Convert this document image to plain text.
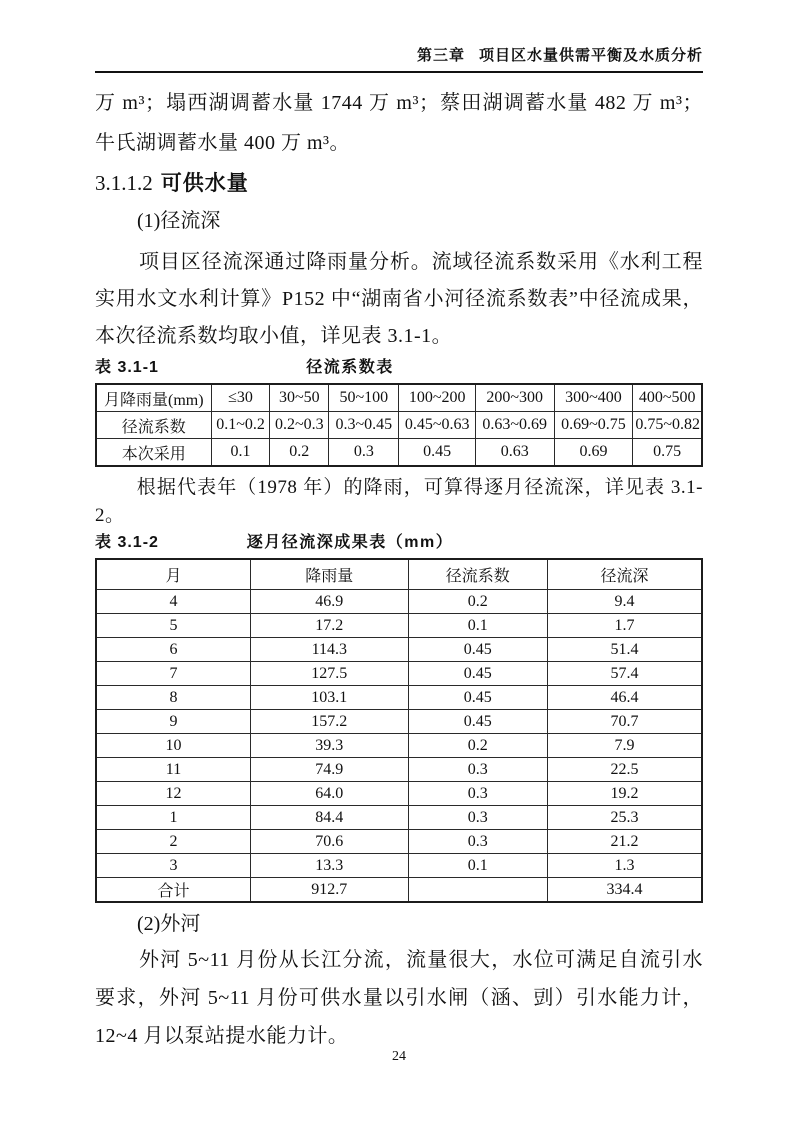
第三章 项目区水量供需平衡及水质分析

万 m³；塌西湖调蓄水量 1744 万 m³；蔡田湖调蓄水量 482 万 m³；牛氏湖调蓄水量 400 万 m³。

3.1.1.2 可供水量

(1)径流深

项目区径流深通过降雨量分析。流域径流系数采用《水利工程实用水文水利计算》P152 中“湖南省小河径流系数表”中径流成果，本次径流系数均取小值，详见表 3.1-1。

表 3.1-1	径流系数表
月降雨量(mm)	≤30	30~50	50~100	100~200	200~300	300~400	400~500
径流系数	0.1~0.2	0.2~0.3	0.3~0.45	0.45~0.63	0.63~0.69	0.69~0.75	0.75~0.82
本次采用	0.1	0.2	0.3	0.45	0.63	0.69	0.75

根据代表年（1978 年）的降雨，可算得逐月径流深，详见表 3.1-2。

表 3.1-2	逐月径流深成果表（mm）
月	降雨量	径流系数	径流深
4	46.9	0.2	9.4
5	17.2	0.1	1.7
6	114.3	0.45	51.4
7	127.5	0.45	57.4
8	103.1	0.45	46.4
9	157.2	0.45	70.7
10	39.3	0.2	7.9
11	74.9	0.3	22.5
12	64.0	0.3	19.2
1	84.4	0.3	25.3
2	70.6	0.3	21.2
3	13.3	0.1	1.3
合计	912.7		334.4

(2)外河

外河 5~11 月份从长江分流，流量很大，水位可满足自流引水要求，外河 5~11 月份可供水量以引水闸（涵、剅）引水能力计，12~4 月以泵站提水能力计。

24
